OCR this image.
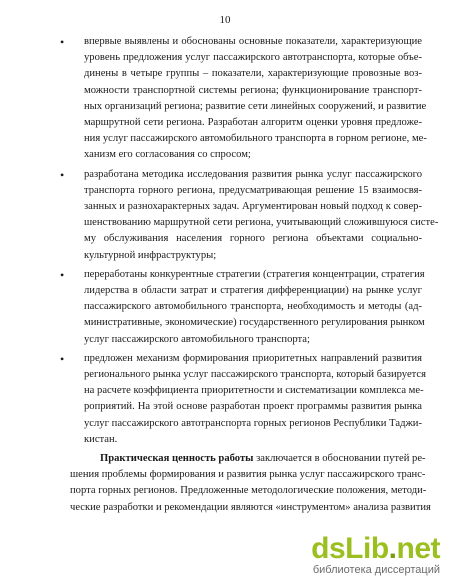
10
• впервые выявлены и обоснованы основные показатели, характеризующие
уровень предложения услуг пассажирского автотранспорта, которые объе-
динены в четыре группы – показатели, характеризующие провозные воз-
можности транспортной системы региона; функционирование транспорт-
ных организаций региона; развитие сети линейных сооружений, и развитие
маршрутной сети региона. Разработан алгоритм оценки уровня предложе-
ния услуг пассажирского автомобильного транспорта в горном регионе, ме-
ханизм его согласования со спросом;
• разработана методика исследования развития рынка услуг пассажирского
транспорта горного региона, предусматривающая решение 15 взаимосвя-
занных и разнохарактерных задач. Аргументирован новый подход к совер-
шенствованию маршрутной сети региона, учитывающий сложившуюся систе-
му обслуживания населения горного региона объектами социально-
культурной инфраструктуры;
• переработаны конкурентные стратегии (стратегия концентрации, стратегия
лидерства в области затрат и стратегия дифференциации) на рынке услуг
пассажирского автомобильного транспорта, необходимость и методы (ад-
министративные, экономические) государственного регулирования рынком
услуг пассажирского автомобильного транспорта;
• предложен механизм формирования приоритетных направлений развития
регионального рынка услуг пассажирского транспорта, который базируется
на расчете коэффициента приоритетности и систематизации комплекса ме-
роприятий. На этой основе разработан проект программы развития рынка
услуг пассажирского автотранспорта горных регионов Республики Таджи-
кистан.
Практическая ценность работы заключается в обосновании путей ре-
шения проблемы формирования и развития рынка услуг пассажирского транс-
порта горных регионов. Предложенные методологические положения, методи-
ческие разработки и рекомендации являются «инструментом» анализа развития
dsLib.net
библиотека диссертаций
